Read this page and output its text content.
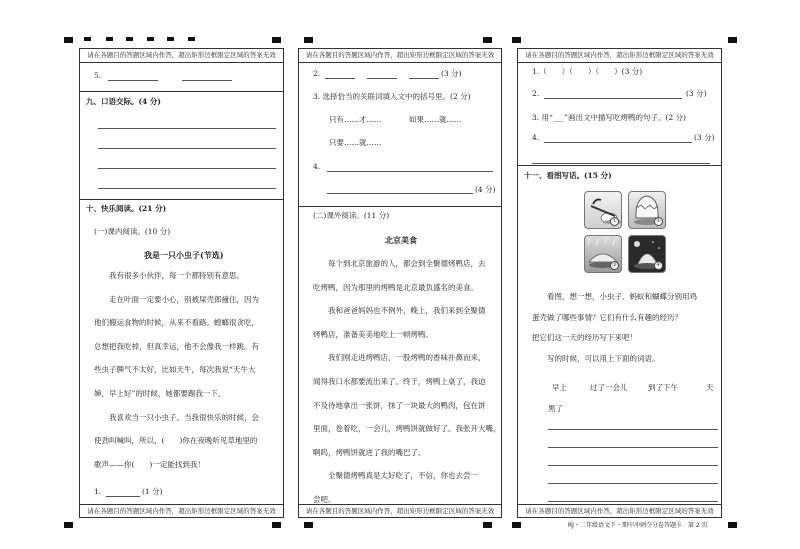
请在各题目的答题区域内作答，超出矩形边框限定区域的答案无效
5.
九、口语交际。(4 分)
十、快乐阅读。(21 分)
(一)课内阅读。(10 分)
我是一只小虫子(节选)
我有很多小伙伴，每一个都特别有意思。
走在叶面一定要小心，别被屎壳郎撞住，因为
他们搬运食物的时候，从来不看路。螳螂很贪吃，
总想把我吃掉，但真幸运，他不会像我一样跳。有
些虫子脾气不太好，比如天牛，每次我说“天牛大
婶，早上好”的时候，她都要踢我一下。
我喜欢当一只小虫子。当我很快乐的时候，会
使劲叫喊叫，所以，(　　)你在夜晚听见草地里的
歌声——你(　　)一定能找到我！
1.	(1 分)
请在各题目的答题区域内作答，超出矩形边框限定区域的答案无效
请在各题目的答题区域内作答，超出矩形边框限定区域的答案无效
2.	(3 分)
3. 选择恰当的关联词填入文中的括号里。(2 分)
只有……才……	如果……就……
只要……就……
4.
(4 分)
(二)课外阅读。(11 分)
北京美食
每个到北京旅游的人，都会到全聚德烤鸭店，去
吃烤鸭，因为那里的烤鸭是北京最负盛名的美食。
我和爸爸妈妈也不例外，晚上，我们来到全聚德
烤鸭店，准备美美地吃上一顿烤鸭。
我们刚走进烤鸭店，一股烤鸭的香味扑鼻而来，
闻得我口水都要流出来了。终于，烤鸭上桌了，我迫
不及待地拿出一张饼，抹了一块最大的鸭肉，包在饼
里面，卷着吃，一会儿，烤鸭饼就做好了。我张开大嘴，
啊呜，烤鸭饼就进了我的嘴巴了。
全聚德烤鸭真是太好吃了，不信，你也去尝一
尝吧。
请在各题目的答题区域内作答，超出矩形边框限定区域的答案无效
请在各题目的答题区域内作答，超出矩形边框限定区域的答案无效
1.（　　）（　　）（　　）(3 分)
2.	(3 分)
3. 用“___”画出文中描写吃烤鸭的句子。(2 分)
4.	(3 分)
十一、看图写话。(15 分)
①	②
③	④
看图，想一想，小虫子、蚂蚁和蝴蝶分别用鸡
蛋壳做了哪些事情？它们有什么有趣的经历？
把它们这一天的经历写下来吧！
写的时候，可以用上下面的词语。
早上	过了一会儿	到了下午	天
黑了
请在各题目的答题区域内作答，超出矩形边框限定区域的答案无效
RJ・二年级语文下・期中冲刺夺分卷答题卡　第 2 页
